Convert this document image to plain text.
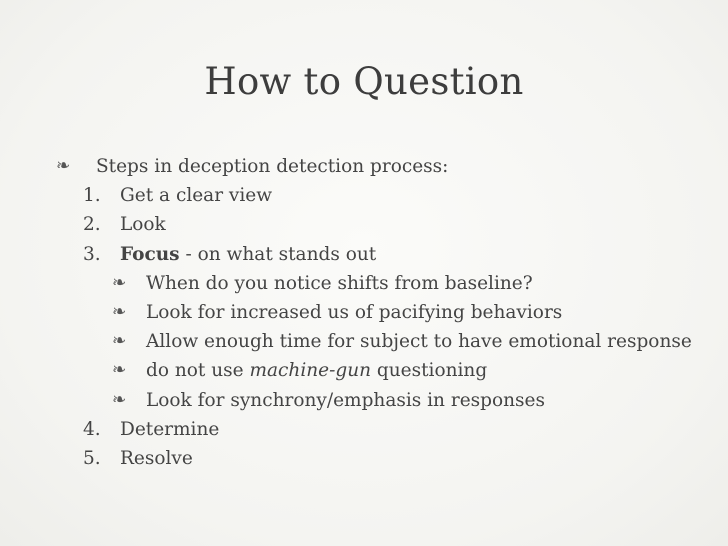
How to Question
❧ Steps in deception detection process:
1. Get a clear view
2. Look
3. Focus - on what stands out
❧ When do you notice shifts from baseline?
❧ Look for increased us of pacifying behaviors
❧ Allow enough time for subject to have emotional response
❧ do not use machine-gun questioning
❧ Look for synchrony/emphasis in responses
4. Determine
5. Resolve
